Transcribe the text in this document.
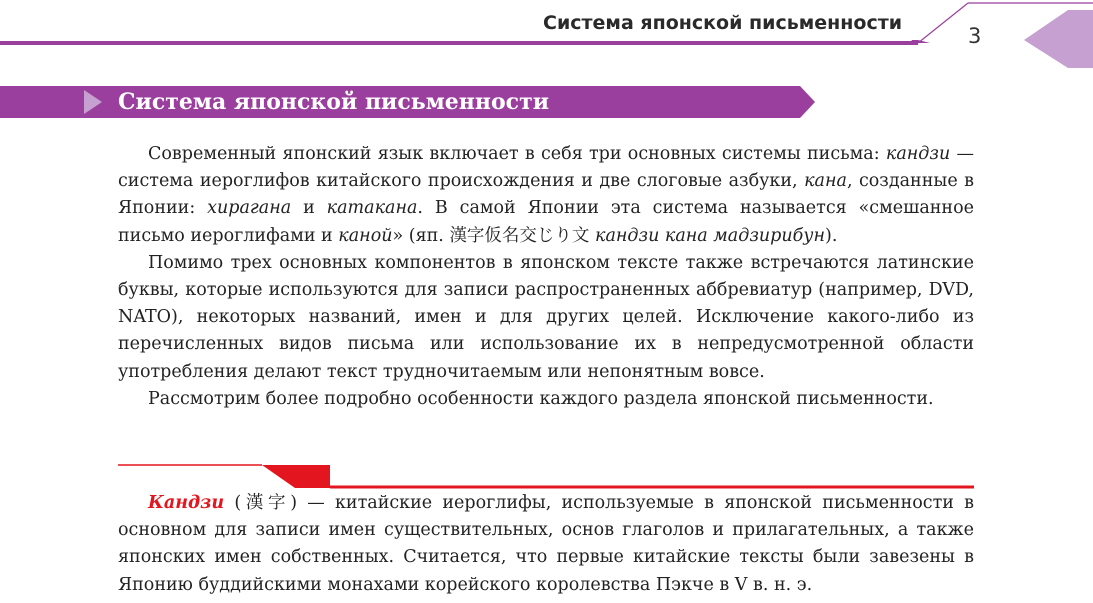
Система японской письменности
3
Система японской письменности

Современный японский язык включает в себя три основных системы письма: кандзи — система иероглифов китайского происхождения и две слоговые азбуки, кана, созданные в Японии: хирагана и катакана. В самой Японии эта система называется «смешанное письмо иероглифами и каной» (яп. 漢字仮名交じり文 кандзи кана мадзирибун).

Помимо трех основных компонентов в японском тексте также встречаются латинские буквы, которые используются для записи распространенных аббревиатур (например, DVD, NATO), некоторых названий, имен и для других целей. Исключение какого-либо из перечисленных видов письма или использование их в непредусмотренной области употребления делают текст трудночитаемым или непонятным вовсе.

Рассмотрим более подробно особенности каждого раздела японской письменности.

Кандзи (漢字) — китайские иероглифы, используемые в японской письменности в основном для записи имен существительных, основ глаголов и прилагательных, а также японских имен собственных. Считается, что первые китайские тексты были завезены в Японию буддийскими монахами корейского королевства Пэкче в V в. н. э.
